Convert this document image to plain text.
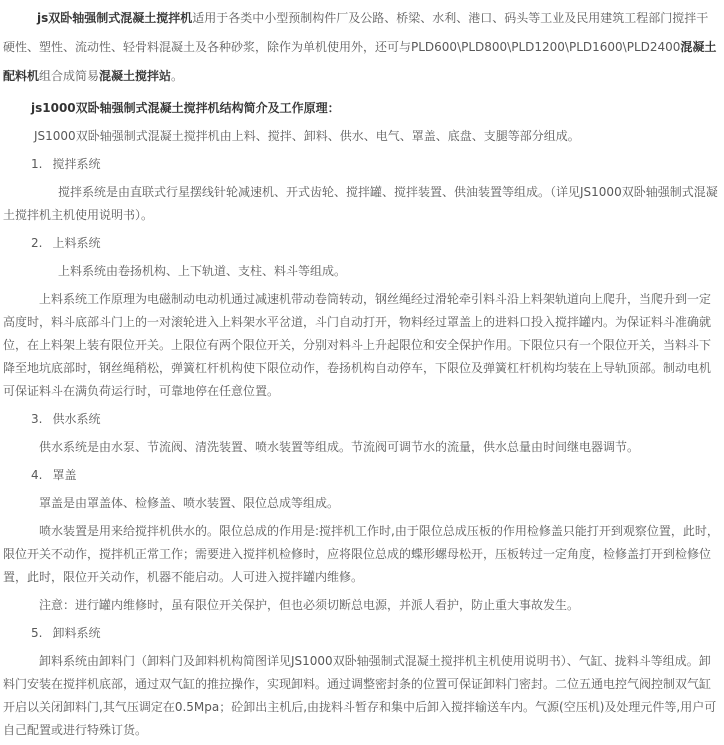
js双卧轴强制式混凝土搅拌机适用于各类中小型预制构件厂及公路、桥梁、水利、港口、码头等工业及民用建筑工程部门搅拌干硬性、塑性、流动性、轻骨料混凝土及各种砂浆，除作为单机使用外，还可与PLD600\PLD800\PLD1200\PLD1600\PLD2400混凝土配料机组合成简易混凝土搅拌站。

js1000双卧轴强制式混凝土搅拌机结构简介及工作原理：

JS1000双卧轴强制式混凝土搅拌机由上料、搅拌、卸料、供水、电气、罩盖、底盘、支腿等部分组成。

1. 搅拌系统

搅拌系统是由直联式行星摆线针轮减速机、开式齿轮、搅拌罐、搅拌装置、供油装置等组成。（详见JS1000双卧轴强制式混凝土搅拌机主机使用说明书）。

2. 上料系统

上料系统由卷扬机构、上下轨道、支柱、料斗等组成。

上料系统工作原理为电磁制动电动机通过减速机带动卷筒转动，钢丝绳经过滑轮牵引料斗沿上料架轨道向上爬升，当爬升到一定高度时，料斗底部斗门上的一对滚轮进入上料架水平岔道，斗门自动打开，物料经过罩盖上的进料口投入搅拌罐内。为保证料斗准确就位，在上料架上装有限位开关。上限位有两个限位开关，分别对料斗上升起限位和安全保护作用。下限位只有一个限位开关，当料斗下降至地坑底部时，钢丝绳稍松，弹簧杠杆机构使下限位动作，卷扬机构自动停车，下限位及弹簧杠杆机构均装在上导轨顶部。制动电机可保证料斗在满负荷运行时，可靠地停在任意位置。

3. 供水系统

供水系统是由水泵、节流阀、清洗装置、喷水装置等组成。节流阀可调节水的流量，供水总量由时间继电器调节。

4. 罩盖

罩盖是由罩盖体、检修盖、喷水装置、限位总成等组成。

喷水装置是用来给搅拌机供水的。限位总成的作用是:搅拌机工作时,由于限位总成压板的作用检修盖只能打开到观察位置，此时，限位开关不动作，搅拌机正常工作；需要进入搅拌机检修时，应将限位总成的蝶形螺母松开，压板转过一定角度，检修盖打开到检修位置，此时，限位开关动作，机器不能启动。人可进入搅拌罐内维修。

注意：进行罐内维修时，虽有限位开关保护，但也必须切断总电源，并派人看护，防止重大事故发生。

5. 卸料系统

卸料系统由卸料门（卸料门及卸料机构简图详见JS1000双卧轴强制式混凝土搅拌机主机使用说明书）、气缸、拢料斗等组成。卸料门安装在搅拌机底部，通过双气缸的推拉操作，实现卸料。通过调整密封条的位置可保证卸料门密封。二位五通电控气阀控制双气缸开启以关闭卸料门,其气压调定在0.5Mpa；砼卸出主机后,由拢料斗暂存和集中后卸入搅拌输送车内。气源(空压机)及处理元件等,用户可自己配置或进行特殊订货。
